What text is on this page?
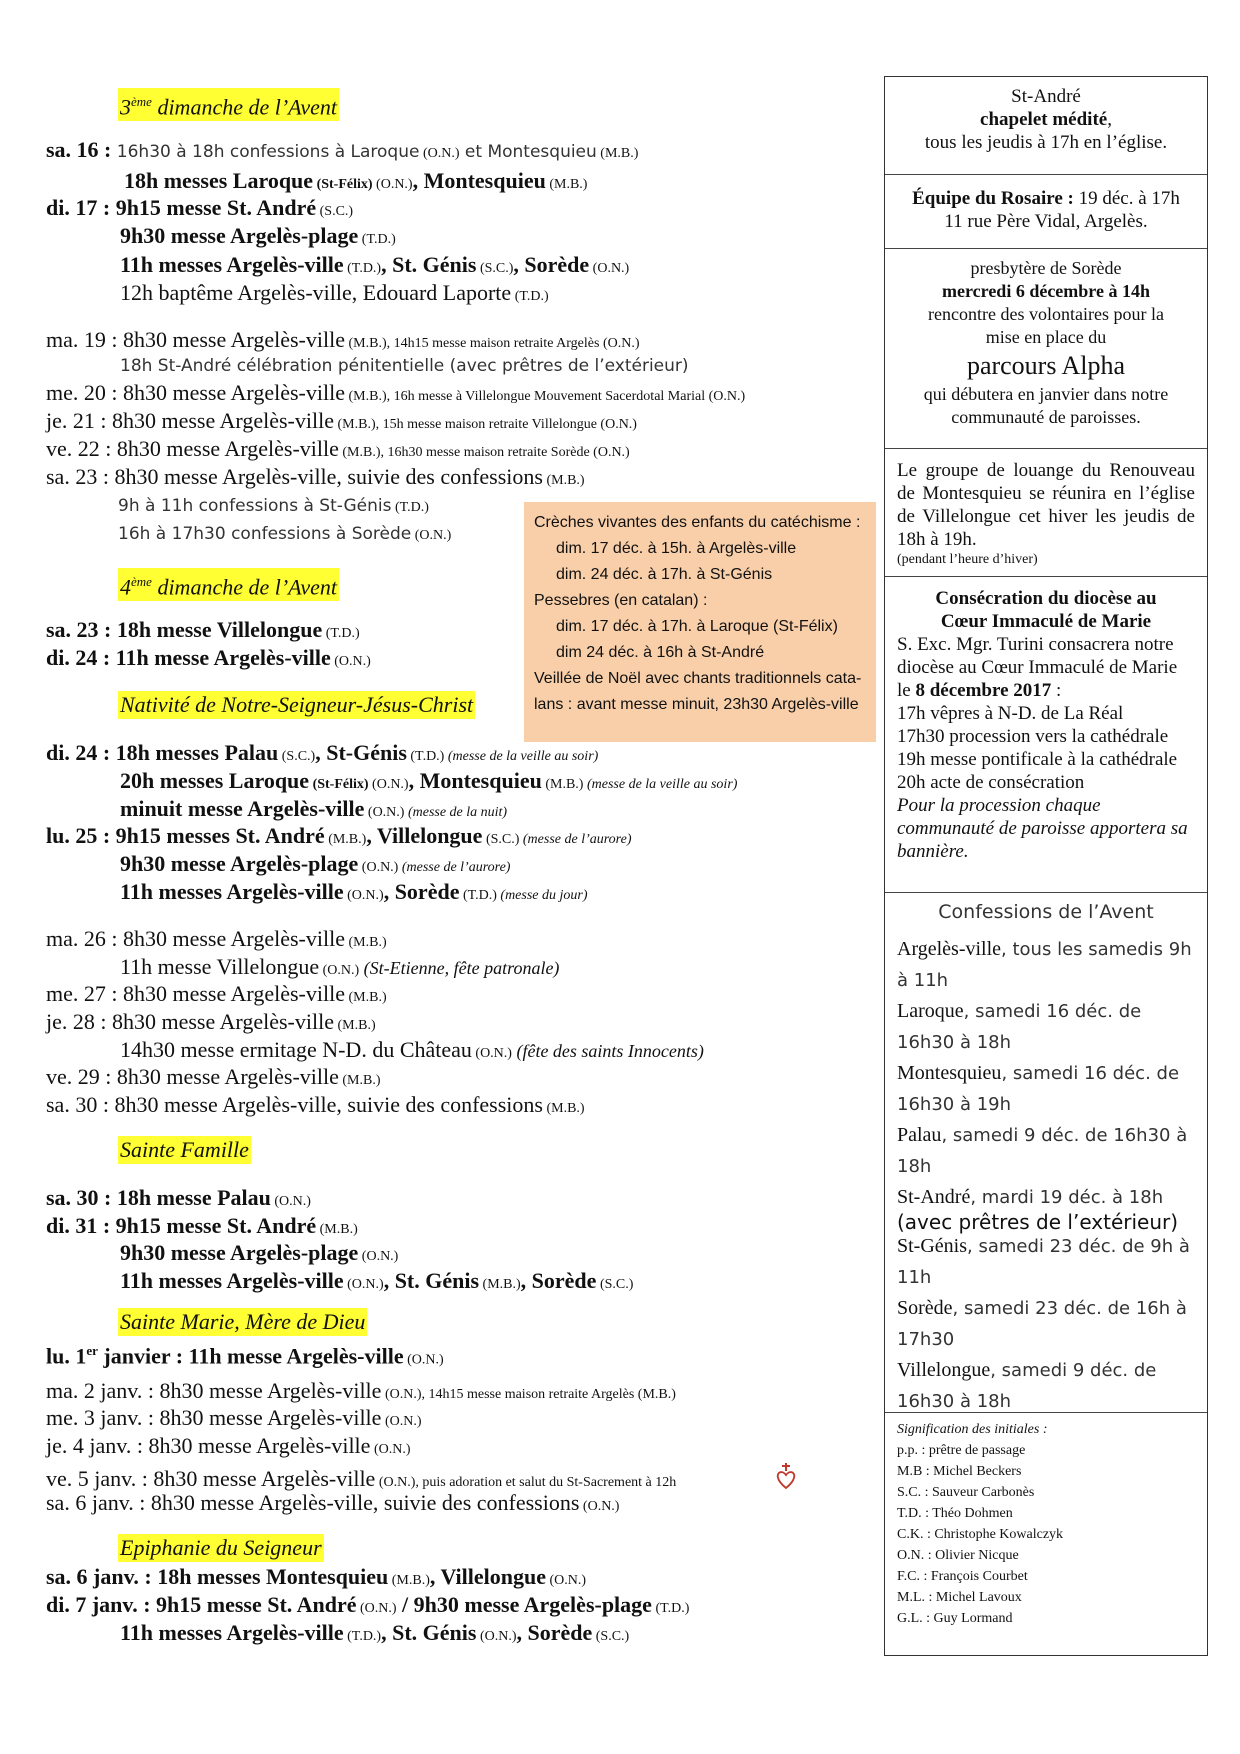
3ème dimanche de l’Avent
sa. 16 : 16h30 à 18h confessions à Laroque (O.N.) et Montesquieu (M.B.)
18h messes Laroque (St-Félix) (O.N.), Montesquieu (M.B.)
di. 17 : 9h15 messe St. André (S.C.)
9h30 messe Argelès-plage (T.D.)
11h messes Argelès-ville (T.D.), St. Génis (S.C.), Sorède (O.N.)
12h baptême Argelès-ville, Edouard Laporte (T.D.)
ma. 19 : 8h30 messe Argelès-ville (M.B.), 14h15 messe maison retraite Argelès (O.N.)
18h St-André célébration pénitentielle (avec prêtres de l’extérieur)
me. 20 : 8h30 messe Argelès-ville (M.B.), 16h messe à Villelongue Mouvement Sacerdotal Marial (O.N.)
je. 21 : 8h30 messe Argelès-ville (M.B.), 15h messe maison retraite Villelongue (O.N.)
ve. 22 : 8h30 messe Argelès-ville (M.B.), 16h30 messe maison retraite Sorède (O.N.)
sa. 23 : 8h30 messe Argelès-ville, suivie des confessions (M.B.)
9h à 11h confessions à St-Génis (T.D.)
16h à 17h30 confessions à Sorède (O.N.)
4ème dimanche de l’Avent
sa. 23 : 18h messe Villelongue (T.D.)
di. 24 : 11h messe Argelès-ville (O.N.)
Nativité de Notre-Seigneur-Jésus-Christ
di. 24 : 18h messes Palau (S.C.), St-Génis (T.D.) (messe de la veille au soir)
20h messes Laroque (St-Félix) (O.N.), Montesquieu (M.B.) (messe de la veille au soir)
minuit messe Argelès-ville (O.N.) (messe de la nuit)
lu. 25 : 9h15 messes St. André (M.B.), Villelongue (S.C.) (messe de l’aurore)
9h30 messe Argelès-plage (O.N.) (messe de l’aurore)
11h messes Argelès-ville (O.N.), Sorède (T.D.) (messe du jour)
ma. 26 : 8h30 messe Argelès-ville (M.B.)
11h messe Villelongue (O.N.) (St-Etienne, fête patronale)
me. 27 : 8h30 messe Argelès-ville (M.B.)
je. 28 : 8h30 messe Argelès-ville (M.B.)
14h30 messe ermitage N-D. du Château (O.N.) (fête des saints Innocents)
ve. 29 : 8h30 messe Argelès-ville (M.B.)
sa. 30 : 8h30 messe Argelès-ville, suivie des confessions (M.B.)
Sainte Famille
sa. 30 : 18h messe Palau (O.N.)
di. 31 : 9h15 messe St. André (M.B.)
9h30 messe Argelès-plage (O.N.)
11h messes Argelès-ville (O.N.), St. Génis (M.B.), Sorède (S.C.)
Sainte Marie, Mère de Dieu
lu. 1er janvier : 11h messe Argelès-ville (O.N.)
ma. 2 janv. : 8h30 messe Argelès-ville (O.N.), 14h15 messe maison retraite Argelès (M.B.)
me. 3 janv. : 8h30 messe Argelès-ville (O.N.)
je. 4 janv. : 8h30 messe Argelès-ville (O.N.)
ve. 5 janv. : 8h30 messe Argelès-ville (O.N.), puis adoration et salut du St-Sacrement à 12h
sa. 6 janv. : 8h30 messe Argelès-ville, suivie des confessions (O.N.)
Epiphanie du Seigneur
sa. 6 janv. : 18h messes Montesquieu (M.B.), Villelongue (O.N.)
di. 7 janv. : 9h15 messe St. André (O.N.) / 9h30 messe Argelès-plage (T.D.)
11h messes Argelès-ville (T.D.), St. Génis (O.N.), Sorède (S.C.)
Crèches vivantes des enfants du catéchisme :
dim. 17 déc. à 15h. à Argelès-ville
dim. 24 déc. à 17h. à St-Génis
Pessebres (en catalan) :
dim. 17 déc. à 17h. à Laroque (St-Félix)
dim 24 déc. à 16h à St-André
Veillée de Noël avec chants traditionnels cata-
lans : avant messe minuit, 23h30 Argelès-ville
St-André
chapelet médité,
tous les jeudis à 17h en l’église.
Équipe du Rosaire : 19 déc. à 17h
11 rue Père Vidal, Argelès.
presbytère de Sorède
mercredi 6 décembre à 14h
rencontre des volontaires pour la
mise en place du
parcours Alpha
qui débutera en janvier dans notre
communauté de paroisses.
Le groupe de louange du Renouveau de Montesquieu se réunira en l’église de Villelongue cet hiver les jeudis de 18h à 19h.
(pendant l’heure d’hiver)
Consécration du diocèse au
Cœur Immaculé de Marie
S. Exc. Mgr. Turini consacrera notre diocèse au Cœur Immaculé de Marie le 8 décembre 2017 :
17h vêpres à N-D. de La Réal
17h30 procession vers la cathédrale
19h messe pontificale à la cathédrale
20h acte de consécration
Pour la procession chaque communauté de paroisse apportera sa bannière.
Confessions de l’Avent
Argelès-ville, tous les samedis 9h à 11h
Laroque, samedi 16 déc. de 16h30 à 18h
Montesquieu, samedi 16 déc. de 16h30 à 19h
Palau, samedi 9 déc. de 16h30 à 18h
St-André, mardi 19 déc. à 18h
(avec prêtres de l’extérieur)
St-Génis, samedi 23 déc. de 9h à 11h
Sorède, samedi 23 déc. de 16h à 17h30
Villelongue, samedi 9 déc. de 16h30 à 18h
Signification des initiales :
p.p. : prêtre de passage
M.B : Michel Beckers
S.C. : Sauveur Carbonès
T.D. : Théo Dohmen
C.K. : Christophe Kowalczyk
O.N. : Olivier Nicque
F.C. : François Courbet
M.L. : Michel Lavoux
G.L. : Guy Lormand
